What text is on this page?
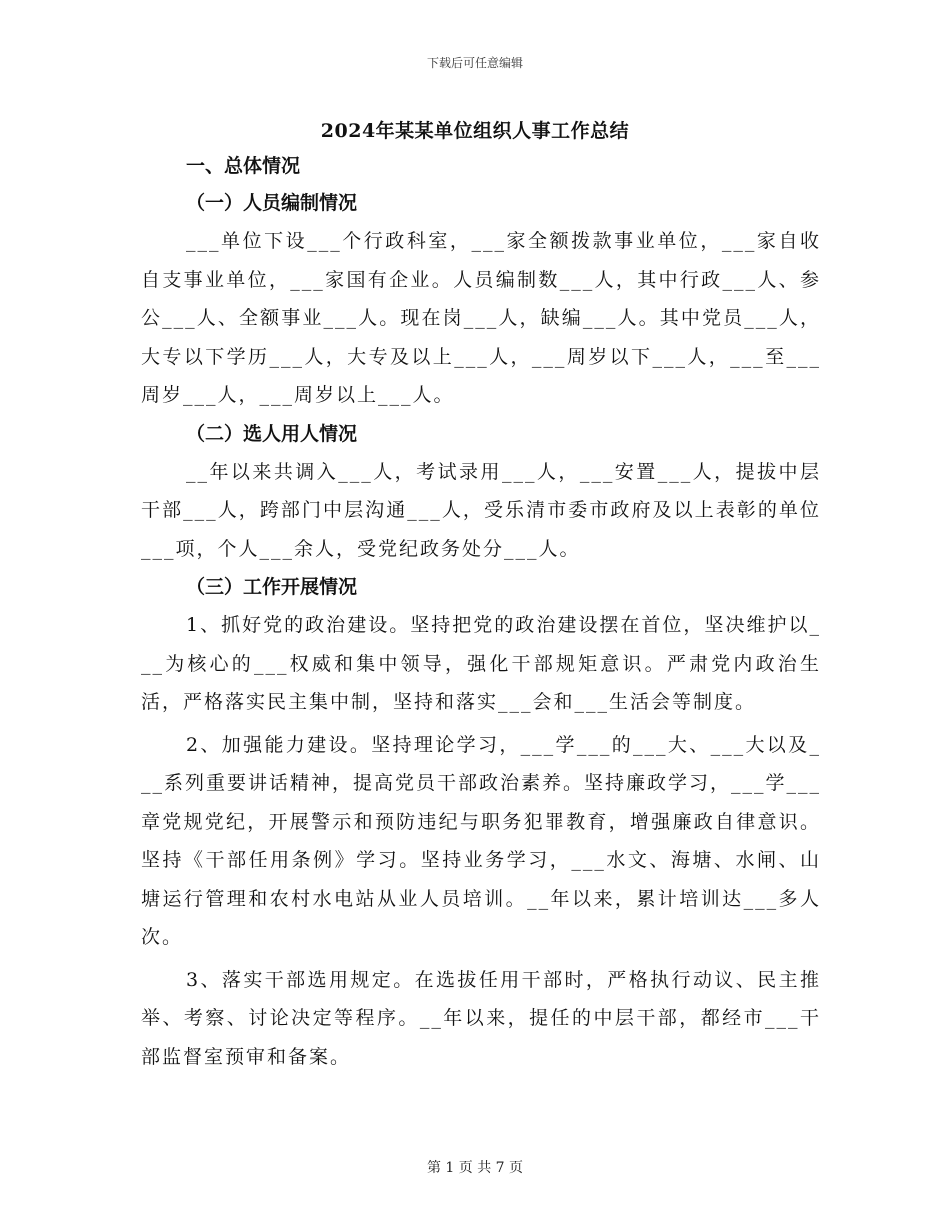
下载后可任意编辑
2024年某某单位组织人事工作总结
一、总体情况
（一）人员编制情况

___单位下设___个行政科室，___家全额拨款事业单位，___家自收自支事业单位，___家国有企业。人员编制数___人，其中行政___人、参公___人、全额事业___人。现在岗___人，缺编___人。其中党员___人，大专以下学历___人，大专及以上___人，___周岁以下___人，___至___周岁___人，___周岁以上___人。

（二）选人用人情况

__年以来共调入___人，考试录用___人，___安置___人，提拔中层干部___人，跨部门中层沟通___人，受乐清市委市政府及以上表彰的单位___项，个人___余人，受党纪政务处分___人。

（三）工作开展情况

1、抓好党的政治建设。坚持把党的政治建设摆在首位，坚决维护以___为核心的___权威和集中领导，强化干部规矩意识。严肃党内政治生活，严格落实民主集中制，坚持和落实___会和___生活会等制度。

2、加强能力建设。坚持理论学习，___学___的___大、___大以及___系列重要讲话精神，提高党员干部政治素养。坚持廉政学习，___学___章党规党纪，开展警示和预防违纪与职务犯罪教育，增强廉政自律意识。坚持《干部任用条例》学习。坚持业务学习，___水文、海塘、水闸、山塘运行管理和农村水电站从业人员培训。__年以来，累计培训达___多人次。

3、落实干部选用规定。在选拔任用干部时，严格执行动议、民主推举、考察、讨论决定等程序。__年以来，提任的中层干部，都经市___干部监督室预审和备案。

第 1 页 共 7 页
